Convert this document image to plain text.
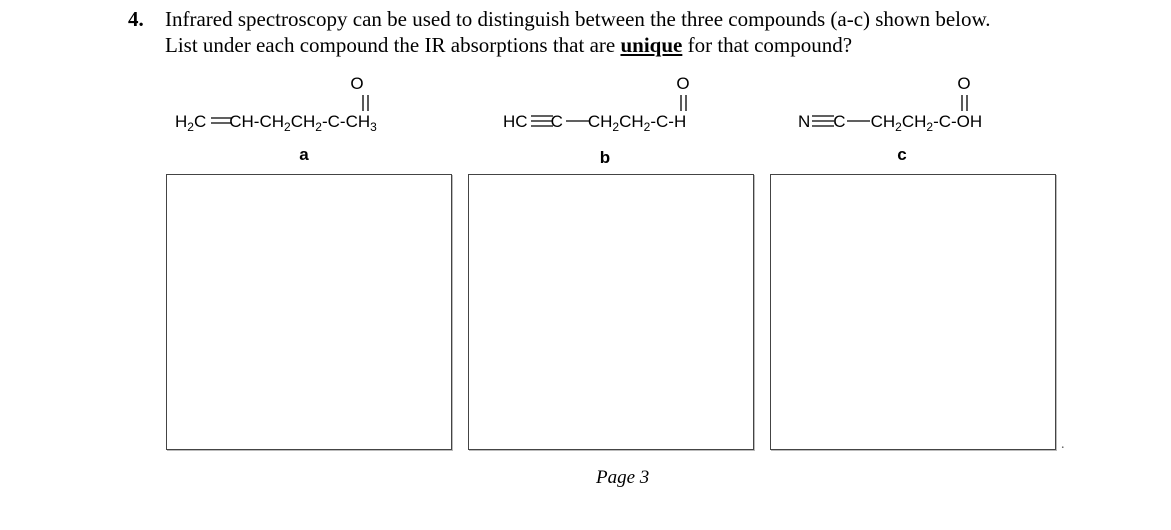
4. Infrared spectroscopy can be used to distinguish between the three compounds (a-c) shown below.
List under each compound the IR absorptions that are unique for that compound?
O
$H_2C$ $CH-CH_2CH_2-C-CH_3$
a
O
HC C $CH_2CH_2-C-H$
b
O
N C $CH_2CH_2-C-OH$
c
.
Page 3
